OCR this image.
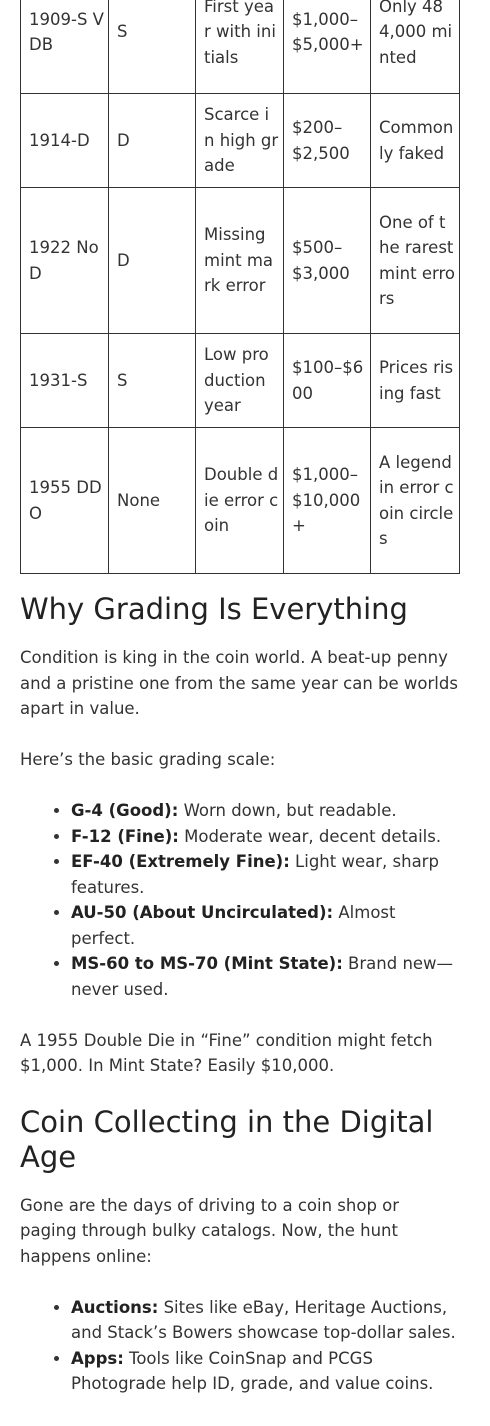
1909-S VDB	S	First year with initials	$1,000–$5,000+	Only 484,000 minted
1914-D	D	Scarce in high grade	$200–$2,500	Commonly faked
1922 No D	D	Missing mint mark error	$500–$3,000	One of the rarest mint errors
1931-S	S	Low production year	$100–$600	Prices rising fast
1955 DDO	None	Double die error coin	$1,000–$10,000+	A legend in error coin circles
Why Grading Is Everything

Condition is king in the coin world. A beat-up penny and a pristine one from the same year can be worlds apart in value.

Here’s the basic grading scale:

• G-4 (Good): Worn down, but readable.
• F-12 (Fine): Moderate wear, decent details.
• EF-40 (Extremely Fine): Light wear, sharp features.
• AU-50 (About Uncirculated): Almost perfect.
• MS-60 to MS-70 (Mint State): Brand new—never used.

A 1955 Double Die in “Fine” condition might fetch $1,000. In Mint State? Easily $10,000.

Coin Collecting in the Digital Age

Gone are the days of driving to a coin shop or paging through bulky catalogs. Now, the hunt happens online:

• Auctions: Sites like eBay, Heritage Auctions, and Stack’s Bowers showcase top-dollar sales.
• Apps: Tools like CoinSnap and PCGS Photograde help ID, grade, and value coins.
